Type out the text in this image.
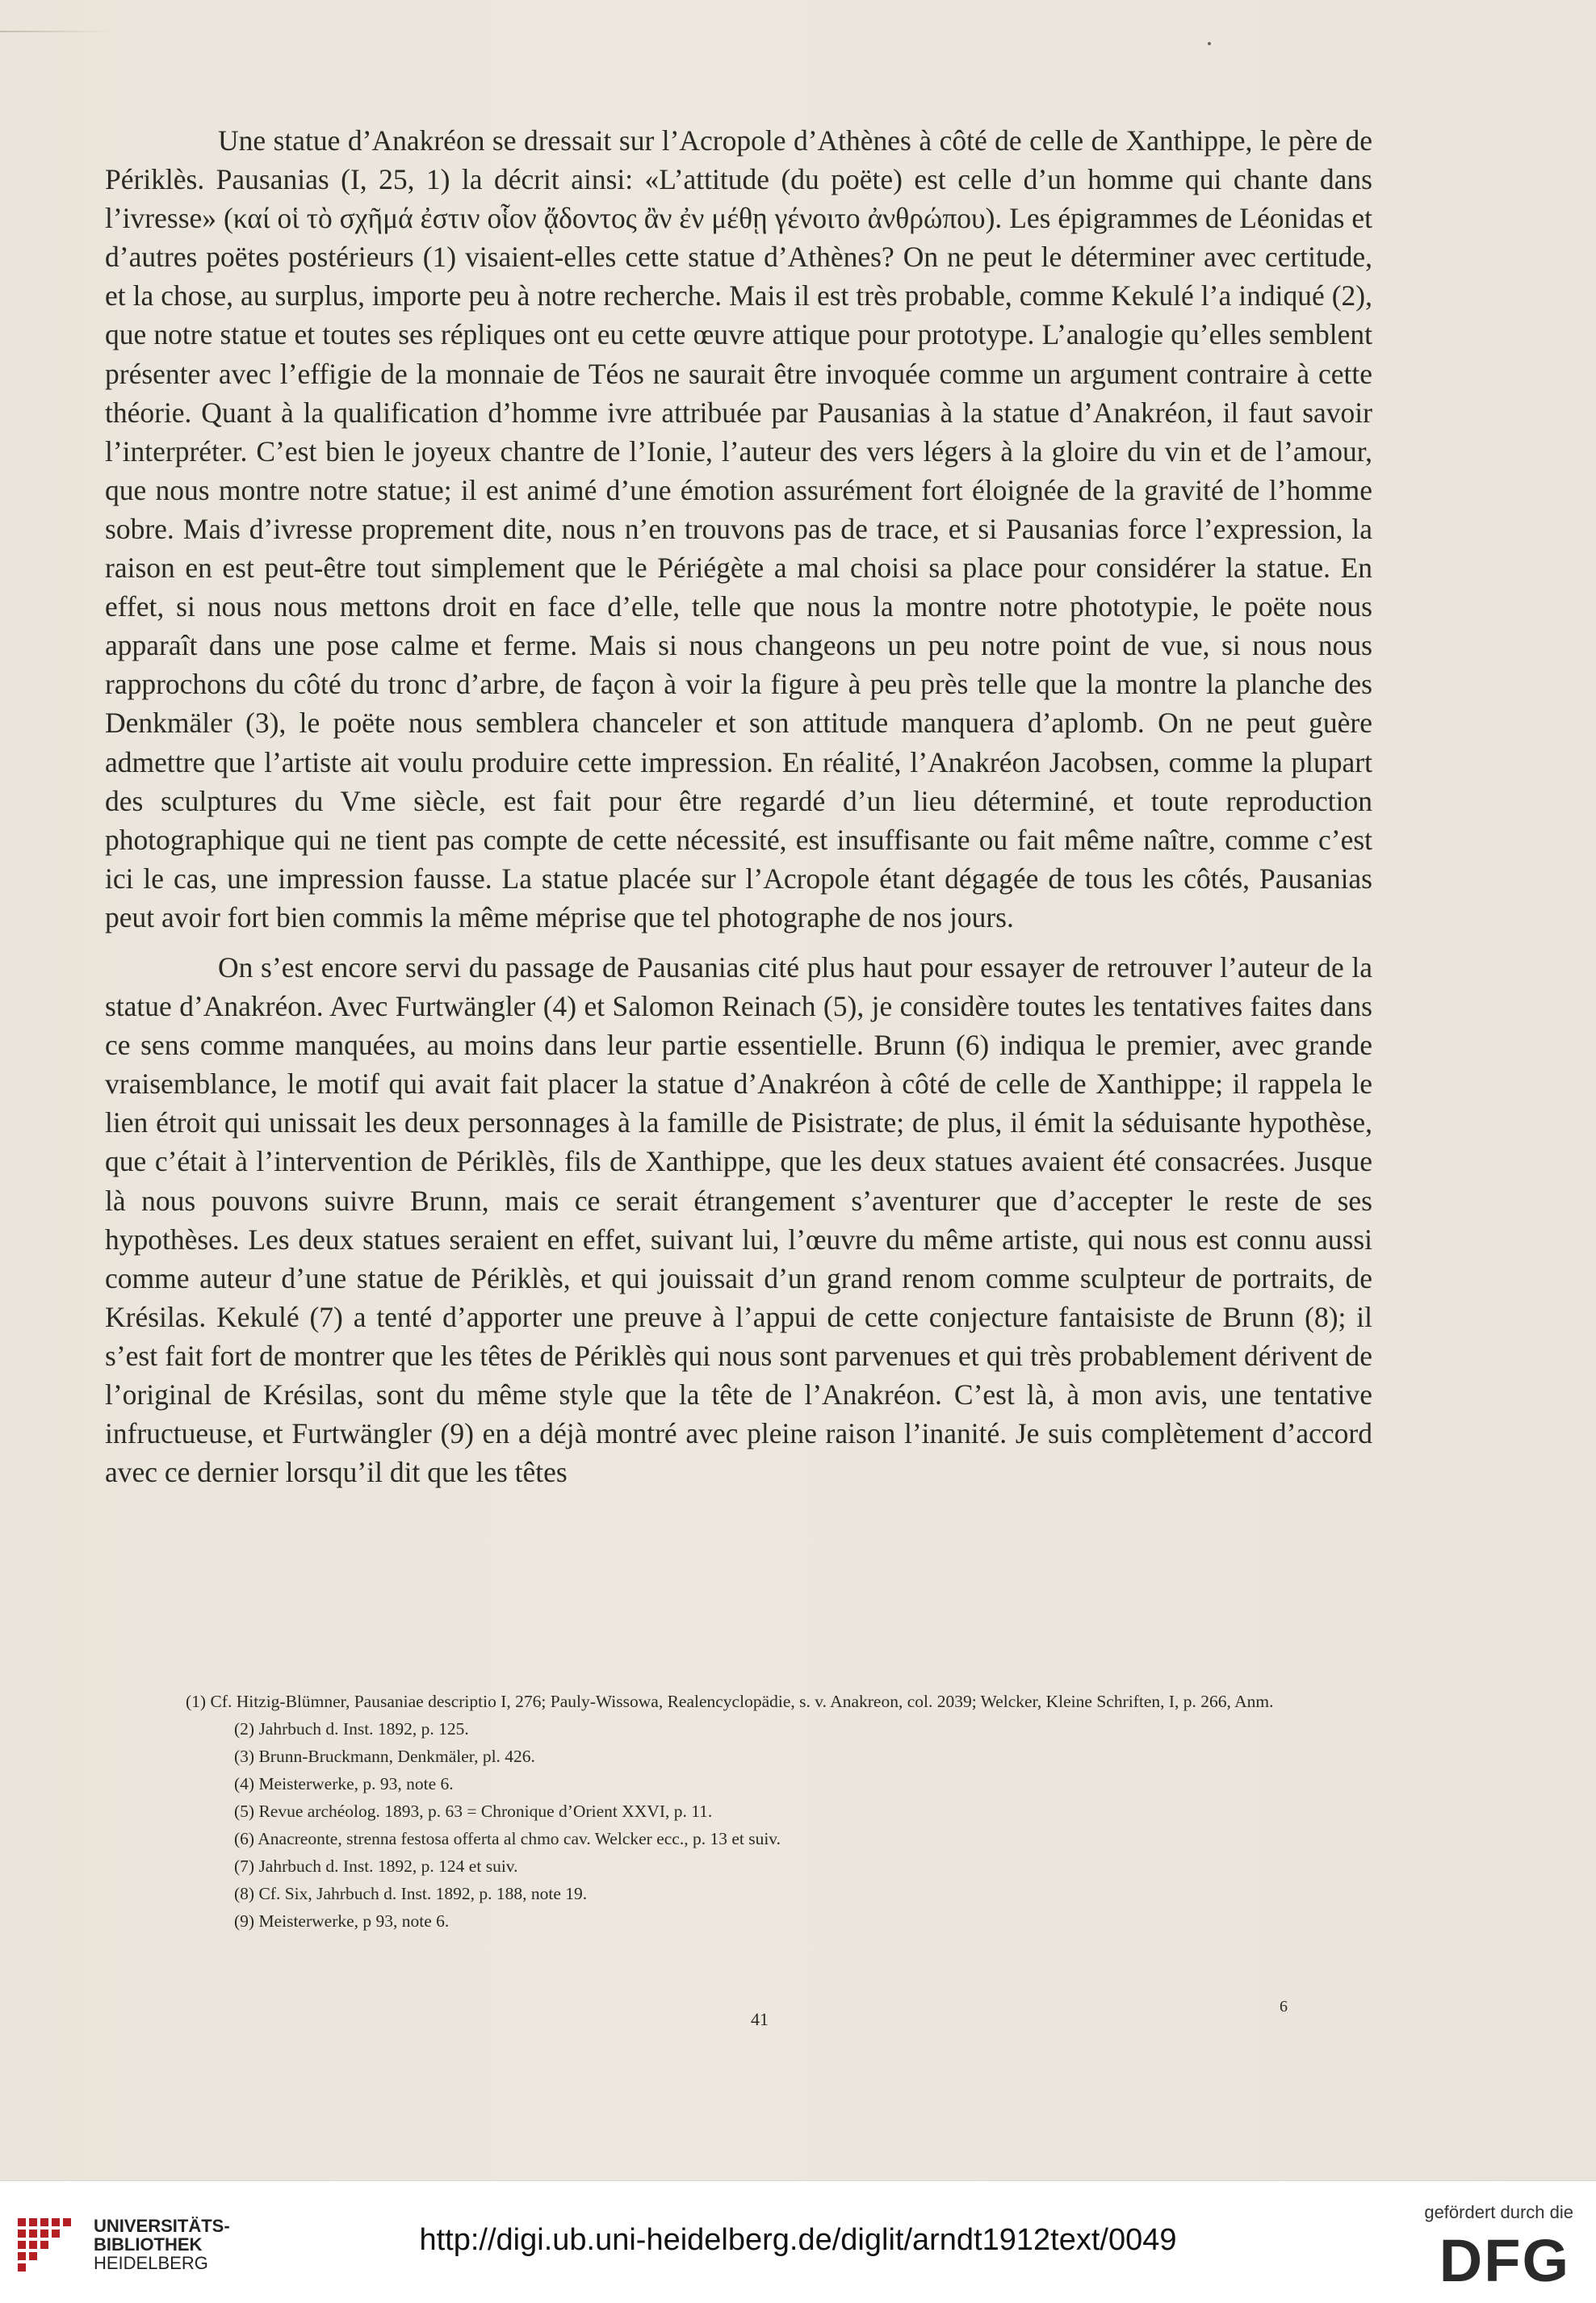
Une statue d’Anakréon se dressait sur l’Acropole d’Athènes à côté de celle de Xanthippe, le père de Périklès. Pausanias (I, 25, 1) la décrit ainsi: «L’attitude (du poëte) est celle d’un homme qui chante dans l’ivresse» (καί οἱ τὸ σχῆμά ἐστιν οἷον ᾄδοντος ἂν ἐν μέθῃ γένοιτο ἀνθρώπου). Les épigrammes de Léonidas et d’autres poëtes postérieurs (1) visaient-elles cette statue d’Athènes? On ne peut le déterminer avec certitude, et la chose, au surplus, importe peu à notre recherche. Mais il est très probable, comme Kekulé l’a indiqué (2), que notre statue et toutes ses répliques ont eu cette œuvre attique pour prototype. L’analogie qu’elles semblent présenter avec l’effigie de la monnaie de Téos ne saurait être invoquée comme un argument contraire à cette théorie. Quant à la qualification d’homme ivre attribuée par Pausanias à la statue d’Anakréon, il faut savoir l’interpréter. C’est bien le joyeux chantre de l’Ionie, l’auteur des vers légers à la gloire du vin et de l’amour, que nous montre notre statue; il est animé d’une émotion assurément fort éloignée de la gravité de l’homme sobre. Mais d’ivresse proprement dite, nous n’en trouvons pas de trace, et si Pausanias force l’expression, la raison en est peut-être tout simplement que le Périégète a mal choisi sa place pour considérer la statue. En effet, si nous nous mettons droit en face d’elle, telle que nous la montre notre phototypie, le poëte nous apparaît dans une pose calme et ferme. Mais si nous changeons un peu notre point de vue, si nous nous rapprochons du côté du tronc d’arbre, de façon à voir la figure à peu près telle que la montre la planche des Denkmäler (3), le poëte nous semblera chanceler et son attitude manquera d’aplomb. On ne peut guère admettre que l’artiste ait voulu produire cette impression. En réalité, l’Anakréon Jacobsen, comme la plupart des sculptures du Vme siècle, est fait pour être regardé d’un lieu déterminé, et toute reproduction photographique qui ne tient pas compte de cette nécessité, est insuffisante ou fait même naître, comme c’est ici le cas, une impression fausse. La statue placée sur l’Acropole étant dégagée de tous les côtés, Pausanias peut avoir fort bien commis la même méprise que tel photographe de nos jours.

On s’est encore servi du passage de Pausanias cité plus haut pour essayer de retrouver l’auteur de la statue d’Anakréon. Avec Furtwängler (4) et Salomon Reinach (5), je considère toutes les tentatives faites dans ce sens comme manquées, au moins dans leur partie essentielle. Brunn (6) indiqua le premier, avec grande vraisemblance, le motif qui avait fait placer la statue d’Anakréon à côté de celle de Xanthippe; il rappela le lien étroit qui unissait les deux personnages à la famille de Pisistrate; de plus, il émit la séduisante hypothèse, que c’était à l’intervention de Périklès, fils de Xanthippe, que les deux statues avaient été consacrées. Jusque là nous pouvons suivre Brunn, mais ce serait étrangement s’aventurer que d’accepter le reste de ses hypothèses. Les deux statues seraient en effet, suivant lui, l’œuvre du même artiste, qui nous est connu aussi comme auteur d’une statue de Périklès, et qui jouissait d’un grand renom comme sculpteur de portraits, de Krésilas. Kekulé (7) a tenté d’apporter une preuve à l’appui de cette conjecture fantaisiste de Brunn (8); il s’est fait fort de montrer que les têtes de Périklès qui nous sont parvenues et qui très probablement dérivent de l’original de Krésilas, sont du même style que la tête de l’Anakréon. C’est là, à mon avis, une tentative infructueuse, et Furtwängler (9) en a déjà montré avec pleine raison l’inanité. Je suis complètement d’accord avec ce dernier lorsqu’il dit que les têtes

(1) Cf. Hitzig-Blümner, Pausaniae descriptio I, 276; Pauly-Wissowa, Realencyclopädie, s. v. Anakreon, col. 2039; Welcker, Kleine Schriften, I, p. 266, Anm.
(2) Jahrbuch d. Inst. 1892, p. 125.
(3) Brunn-Bruckmann, Denkmäler, pl. 426.
(4) Meisterwerke, p. 93, note 6.
(5) Revue archéolog. 1893, p. 63 = Chronique d’Orient XXVI, p. 11.
(6) Anacreonte, strenna festosa offerta al chmo cav. Welcker ecc., p. 13 et suiv.
(7) Jahrbuch d. Inst. 1892, p. 124 et suiv.
(8) Cf. Six, Jahrbuch d. Inst. 1892, p. 188, note 19.
(9) Meisterwerke, p 93, note 6.
41
6
UNIVERSITÄTS-
BIBLIOTHEK
HEIDELBERG
http://digi.ub.uni-heidelberg.de/diglit/arndt1912text/0049
gefördert durch die
DFG
